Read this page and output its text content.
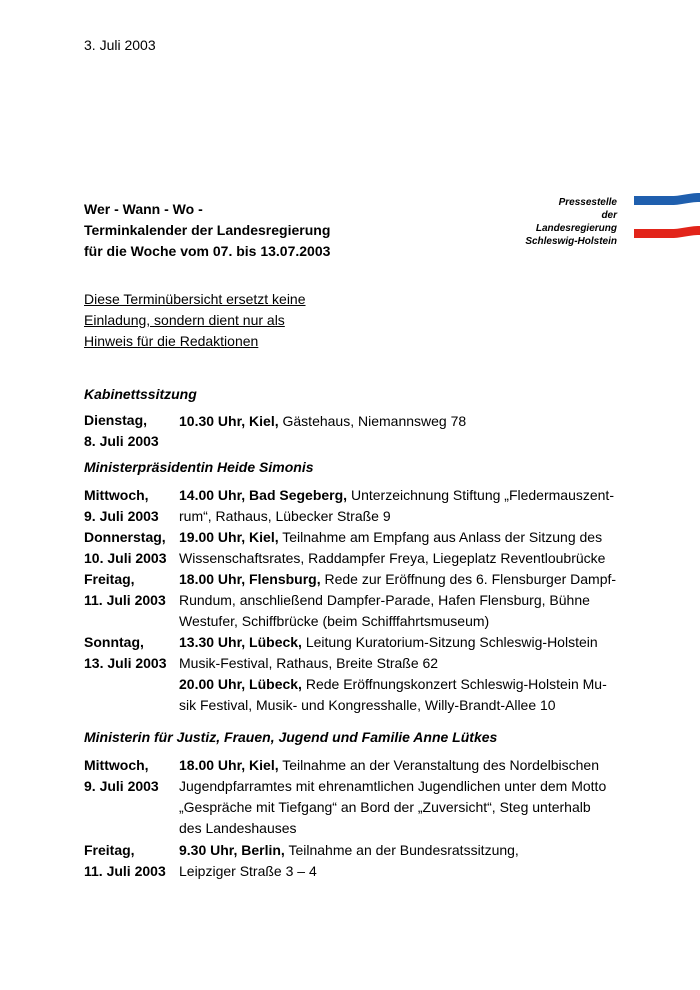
3. Juli 2003
Wer - Wann - Wo -
Terminkalender der Landesregierung
für die Woche vom 07. bis 13.07.2003
Pressestelle
der
Landesregierung
Schleswig-Holstein
Diese Terminübersicht ersetzt keine
Einladung, sondern dient nur als
Hinweis für die Redaktionen
Kabinettssitzung
Dienstag,
8. Juli 2003
10.30 Uhr, Kiel, Gästehaus, Niemannsweg 78
Ministerpräsidentin Heide Simonis
Mittwoch,
9. Juli 2003
14.00 Uhr, Bad Segeberg, Unterzeichnung Stiftung „Fledermauszent-
rum“, Rathaus, Lübecker Straße 9
Donnerstag,
10. Juli 2003
19.00 Uhr, Kiel, Teilnahme am Empfang aus Anlass der Sitzung des
Wissenschaftsrates, Raddampfer Freya, Liegeplatz Reventloubrücke
Freitag,
11. Juli 2003
18.00 Uhr, Flensburg, Rede zur Eröffnung des 6. Flensburger Dampf-
Rundum, anschließend Dampfer-Parade, Hafen Flensburg, Bühne
Westufer, Schiffbrücke (beim Schifffahrtsmuseum)
Sonntag,
13. Juli 2003
13.30 Uhr, Lübeck, Leitung Kuratorium-Sitzung Schleswig-Holstein
Musik-Festival, Rathaus, Breite Straße 62
20.00 Uhr, Lübeck, Rede Eröffnungskonzert Schleswig-Holstein Mu-
sik Festival, Musik- und Kongresshalle, Willy-Brandt-Allee 10
Ministerin für Justiz, Frauen, Jugend und Familie Anne Lütkes
Mittwoch,
9. Juli 2003
18.00 Uhr, Kiel, Teilnahme an der Veranstaltung des Nordelbischen
Jugendpfarramtes mit ehrenamtlichen Jugendlichen unter dem Motto
„Gespräche mit Tiefgang“ an Bord der „Zuversicht“, Steg unterhalb
des Landeshauses
Freitag,
11. Juli 2003
9.30 Uhr, Berlin, Teilnahme an der Bundesratssitzung,
Leipziger Straße 3 – 4
